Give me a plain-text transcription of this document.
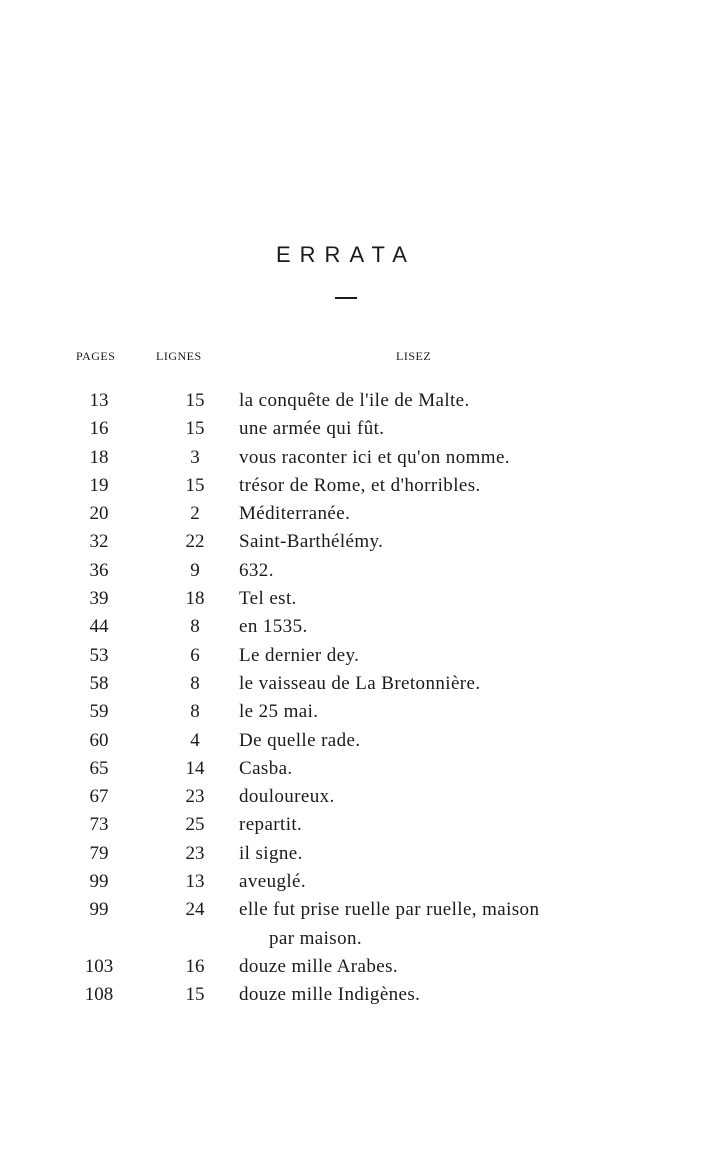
ERRATA
PAGES	LIGNES	LISEZ
13	15	la conquête de l'ile de Malte.
16	15	une armée qui fût.
18	3	vous raconter ici et qu'on nomme.
19	15	trésor de Rome, et d'horribles.
20	2	Méditerranée.
32	22	Saint-Barthélémy.
36	9	632.
39	18	Tel est.
44	8	en 1535.
53	6	Le dernier dey.
58	8	le vaisseau de La Bretonnière.
59	8	le 25 mai.
60	4	De quelle rade.
65	14	Casba.
67	23	douloureux.
73	25	repartit.
79	23	il signe.
99	13	aveuglé.
99	24	elle fut prise ruelle par ruelle, maison
par maison.
103	16	douze mille Arabes.
108	15	douze mille Indigènes.
